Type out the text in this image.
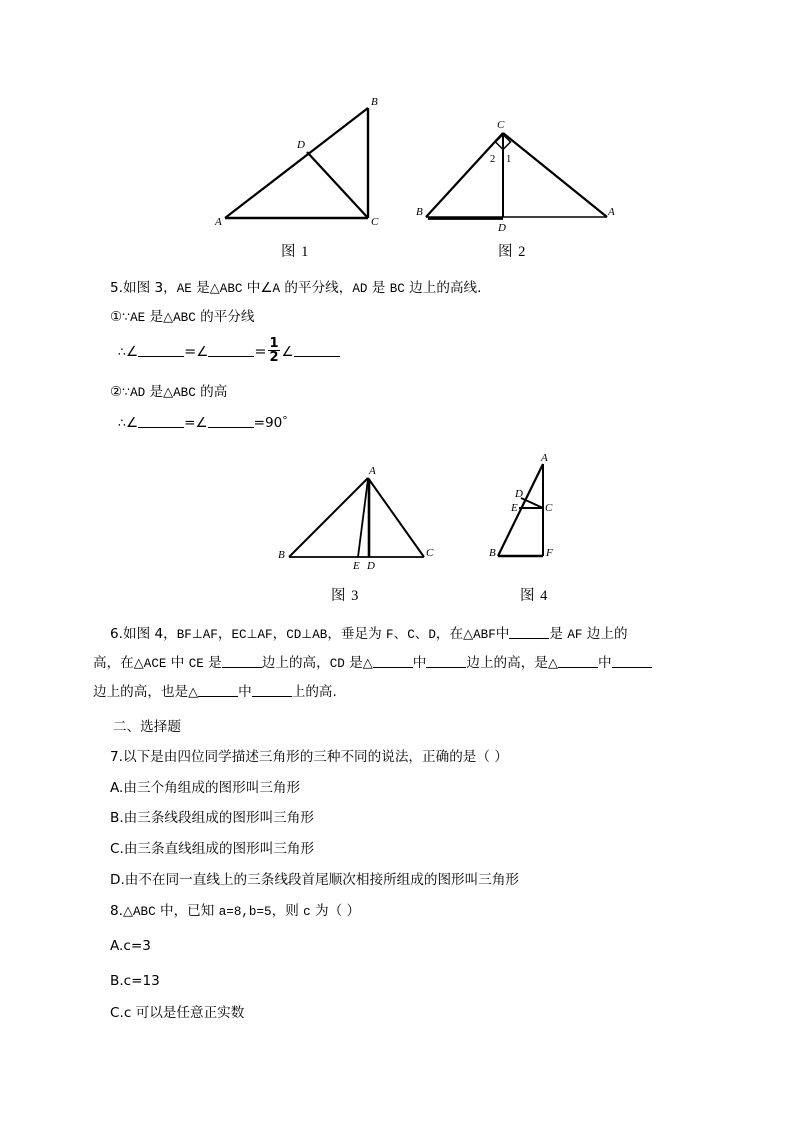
A	C
B
D
C
B	A
D
2 1
图 1	图 2
5.如图 3，AE 是△ABC 中∠A 的平分线，AD 是 BC 边上的高线.
①∵AE 是△ABC 的平分线
∴∠	=∠	= $\frac{1}{2}$ ∠
②∵AD 是△ABC 的高
∴∠	=∠	=90°
A
B	C
E D
A
B	F
C
D
E
图 3	图 4
6.如图 4，BF⊥AF，EC⊥AF，CD⊥AB，垂足为 F、C、D，在△ABF中	是 AF 边上的
高，在△ACE 中 CE 是	边上的高，CD 是△	中	边上的高，是△	中
边上的高，也是△	中	上的高.
二、选择题
7.以下是由四位同学描述三角形的三种不同的说法，正确的是（ ）
A.由三个角组成的图形叫三角形
B.由三条线段组成的图形叫三角形
C.由三条直线组成的图形叫三角形
D.由不在同一直线上的三条线段首尾顺次相接所组成的图形叫三角形
8.△ABC 中，已知 a=8,b=5，则 c 为（ ）
A.c=3
B.c=13
C.c 可以是任意正实数
